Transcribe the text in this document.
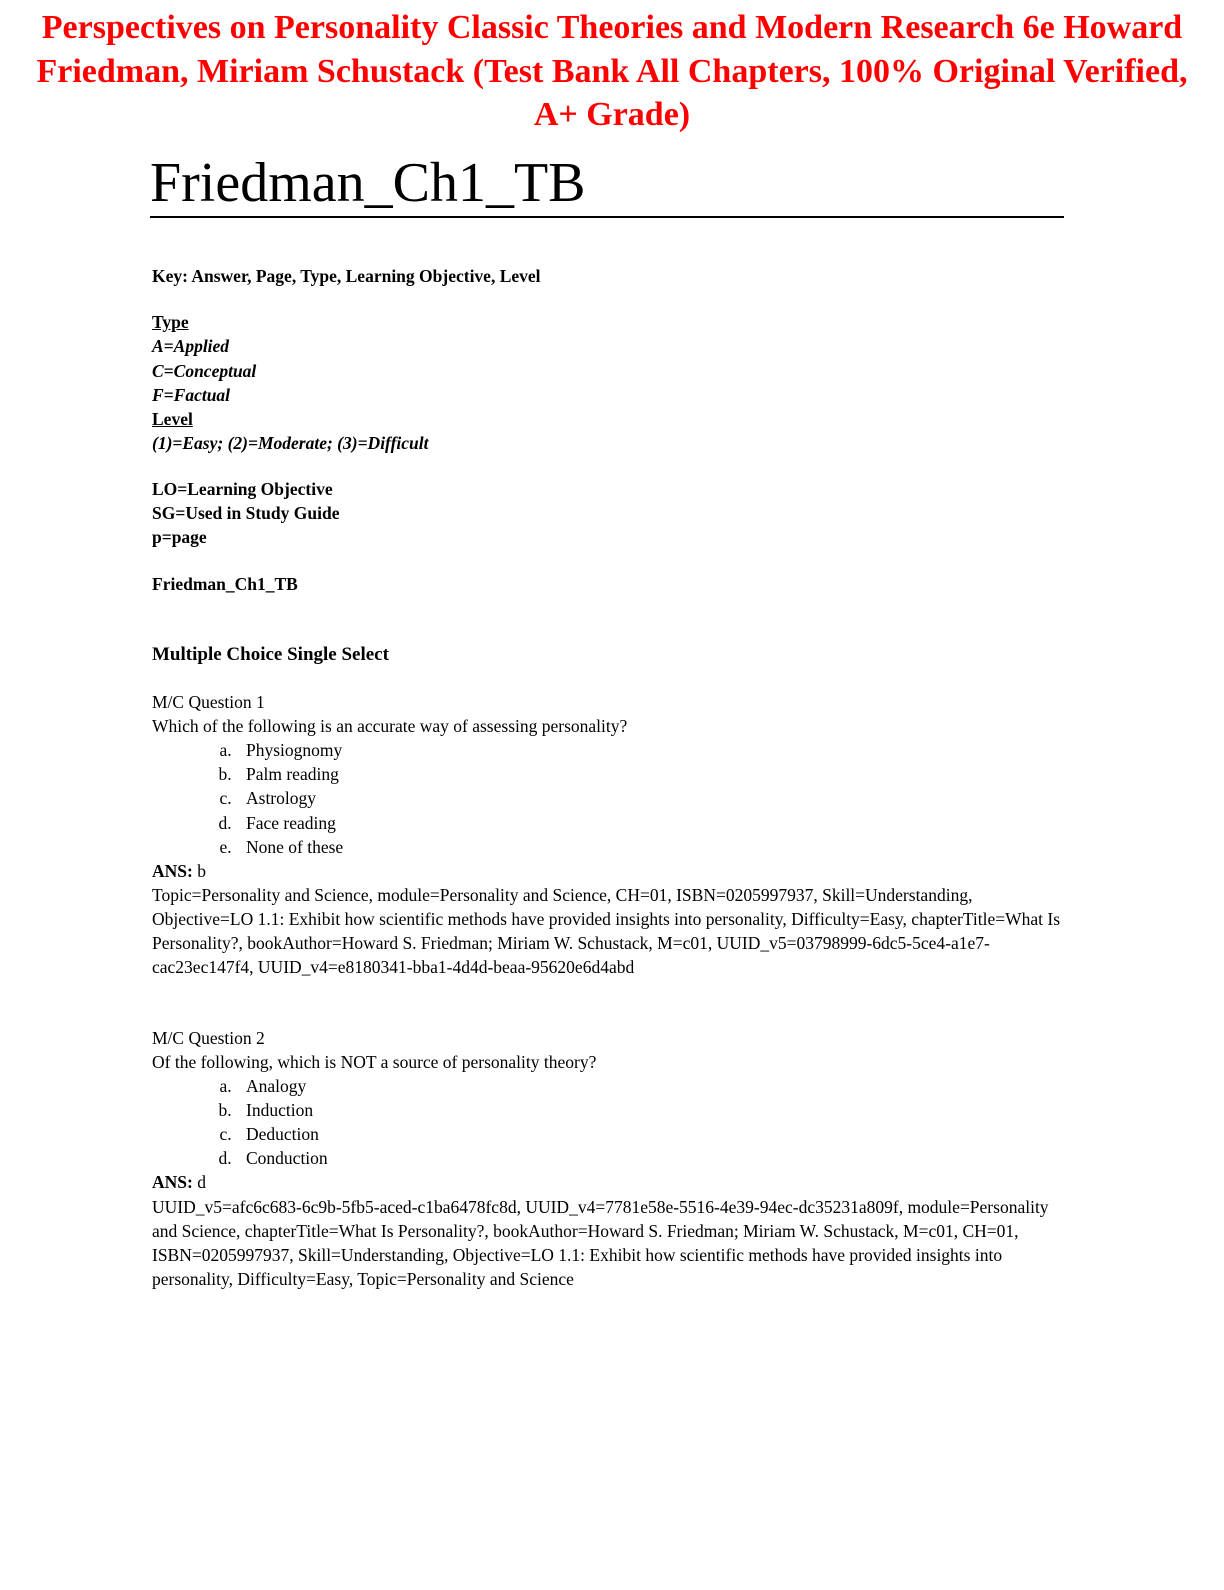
Perspectives on Personality Classic Theories and Modern Research 6e Howard Friedman, Miriam Schustack (Test Bank All Chapters, 100% Original Verified, A+ Grade)
Friedman_Ch1_TB
Key: Answer, Page, Type, Learning Objective, Level
Type
A=Applied
C=Conceptual
F=Factual
Level
(1)=Easy; (2)=Moderate; (3)=Difficult
LO=Learning Objective
SG=Used in Study Guide
p=page
Friedman_Ch1_TB
Multiple Choice Single Select
M/C Question 1
Which of the following is an accurate way of assessing personality?
a. Physiognomy
b. Palm reading
c. Astrology
d. Face reading
e. None of these
ANS: b
Topic=Personality and Science, module=Personality and Science, CH=01, ISBN=0205997937, Skill=Understanding, Objective=LO 1.1: Exhibit how scientific methods have provided insights into personality, Difficulty=Easy, chapterTitle=What Is Personality?, bookAuthor=Howard S. Friedman; Miriam W. Schustack, M=c01, UUID_v5=03798999-6dc5-5ce4-a1e7-cac23ec147f4, UUID_v4=e8180341-bba1-4d4d-beaa-95620e6d4abd
M/C Question 2
Of the following, which is NOT a source of personality theory?
a. Analogy
b. Induction
c. Deduction
d. Conduction
ANS: d
UUID_v5=afc6c683-6c9b-5fb5-aced-c1ba6478fc8d, UUID_v4=7781e58e-5516-4e39-94ec-dc35231a809f, module=Personality and Science, chapterTitle=What Is Personality?, bookAuthor=Howard S. Friedman; Miriam W. Schustack, M=c01, CH=01, ISBN=0205997937, Skill=Understanding, Objective=LO 1.1: Exhibit how scientific methods have provided insights into personality, Difficulty=Easy, Topic=Personality and Science
